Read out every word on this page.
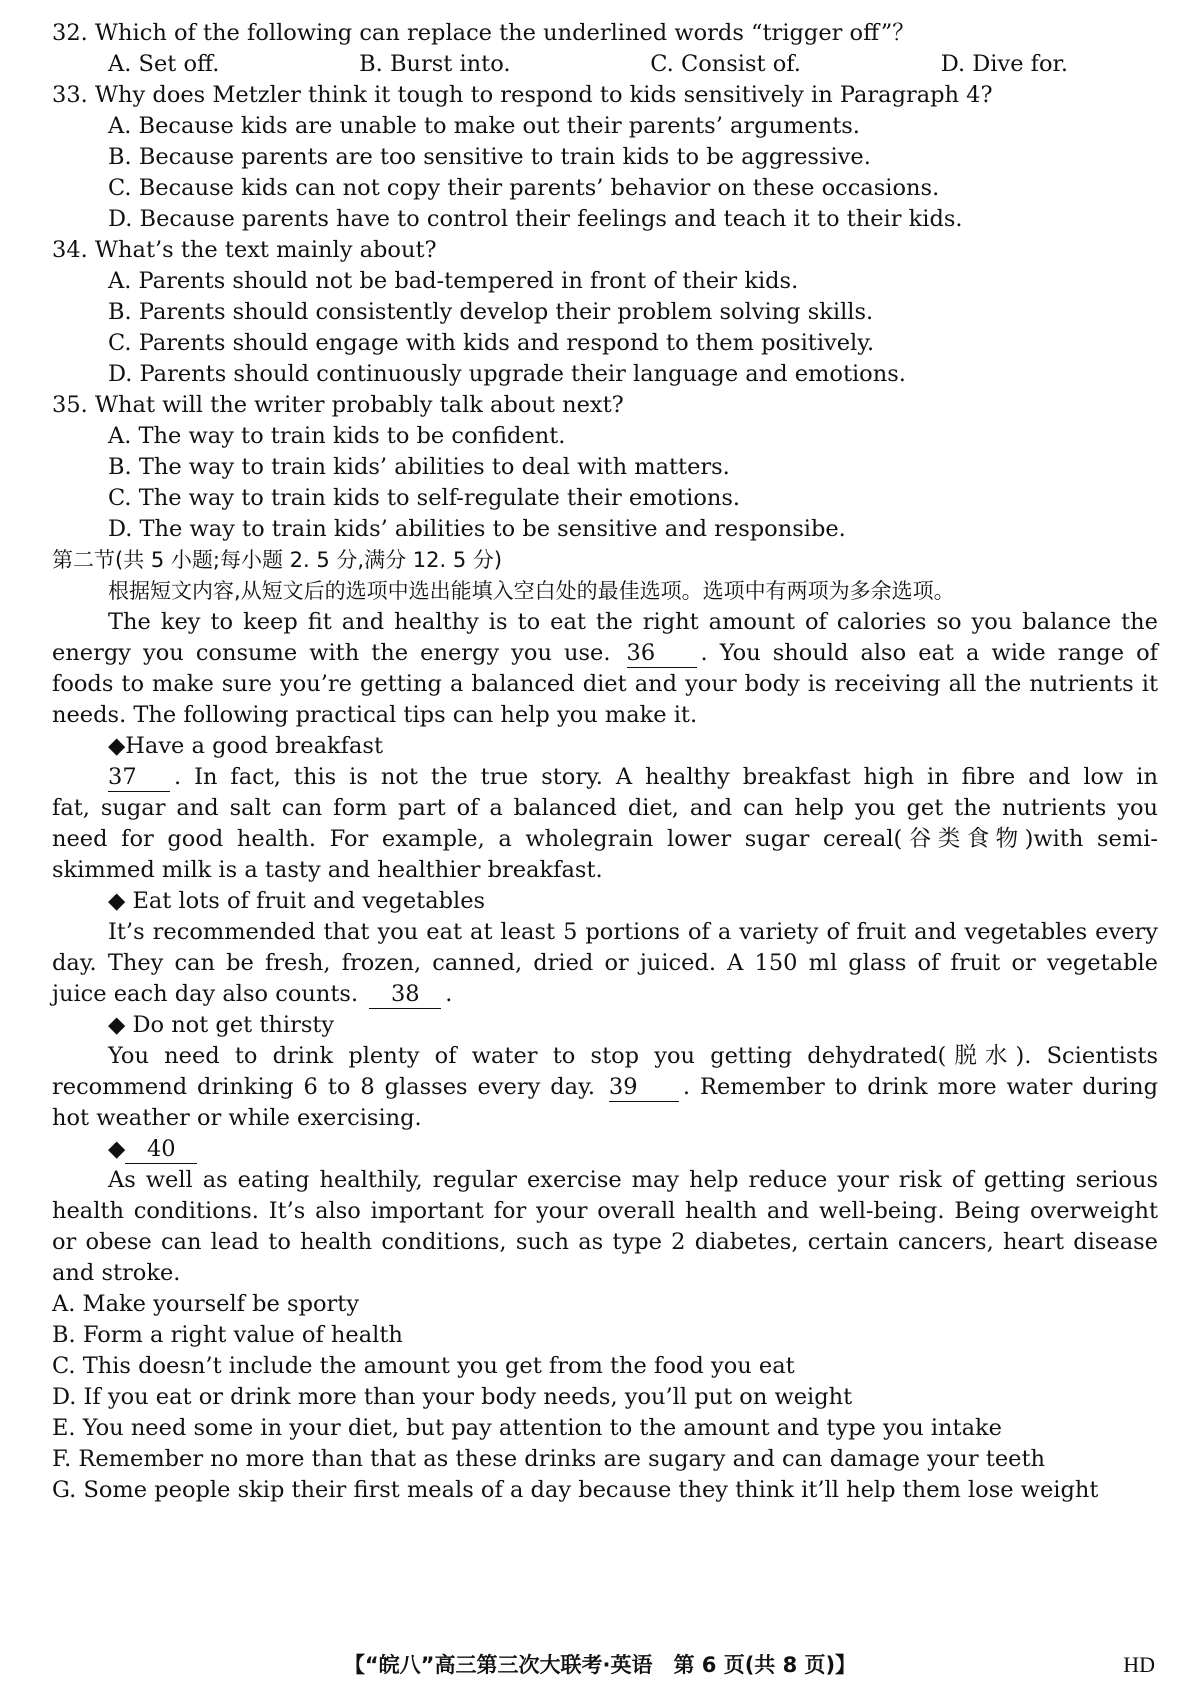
32. Which of the following can replace the underlined words “trigger off”？
A. Set off.	B. Burst into.	C. Consist of.	D. Dive for.
33. Why does Metzler think it tough to respond to kids sensitively in Paragraph 4?
A. Because kids are unable to make out their parents’ arguments.
B. Because parents are too sensitive to train kids to be aggressive.
C. Because kids can not copy their parents’ behavior on these occasions.
D. Because parents have to control their feelings and teach it to their kids.
34. What’s the text mainly about?
A. Parents should not be bad-tempered in front of their kids.
B. Parents should consistently develop their problem solving skills.
C. Parents should engage with kids and respond to them positively.
D. Parents should continuously upgrade their language and emotions.
35. What will the writer probably talk about next?
A. The way to train kids to be confident.
B. The way to train kids’ abilities to deal with matters.
C. The way to train kids to self-regulate their emotions.
D. The way to train kids’ abilities to be sensitive and responsibe.
第二节(共 5 小题;每小题 2. 5 分,满分 12. 5 分)
根据短文内容,从短文后的选项中选出能填入空白处的最佳选项。选项中有两项为多余选项。
The key to keep fit and healthy is to eat the right amount of calories so you balance the
energy you consume with the energy you use. 36 . You should also eat a wide range of
foods to make sure you’re getting a balanced diet and your body is receiving all the nutrients it
needs. The following practical tips can help you make it.
◆Have a good breakfast
37 . In fact, this is not the true story. A healthy breakfast high in fibre and low in
fat, sugar and salt can form part of a balanced diet, and can help you get the nutrients you
need for good health. For example, a wholegrain lower sugar cereal(谷类食物)with semi-
skimmed milk is a tasty and healthier breakfast.
◆ Eat lots of fruit and vegetables
It’s recommended that you eat at least 5 portions of a variety of fruit and vegetables every
day. They can be fresh, frozen, canned, dried or juiced. A 150 ml glass of fruit or vegetable
juice each day also counts. 38 .
◆ Do not get thirsty
You need to drink plenty of water to stop you getting dehydrated(脱水). Scientists
recommend drinking 6 to 8 glasses every day. 39 . Remember to drink more water during
hot weather or while exercising.
◆ 40
As well as eating healthily, regular exercise may help reduce your risk of getting serious
health conditions. It’s also important for your overall health and well-being. Being overweight
or obese can lead to health conditions, such as type 2 diabetes, certain cancers, heart disease
and stroke.
A. Make yourself be sporty
B. Form a right value of health
C. This doesn’t include the amount you get from the food you eat
D. If you eat or drink more than your body needs, you’ll put on weight
E. You need some in your diet, but pay attention to the amount and type you intake
F. Remember no more than that as these drinks are sugary and can damage your teeth
G. Some people skip their first meals of a day because they think it’ll help them lose weight
【“皖八”高三第三次大联考·英语　第 6 页(共 8 页)】	HD
